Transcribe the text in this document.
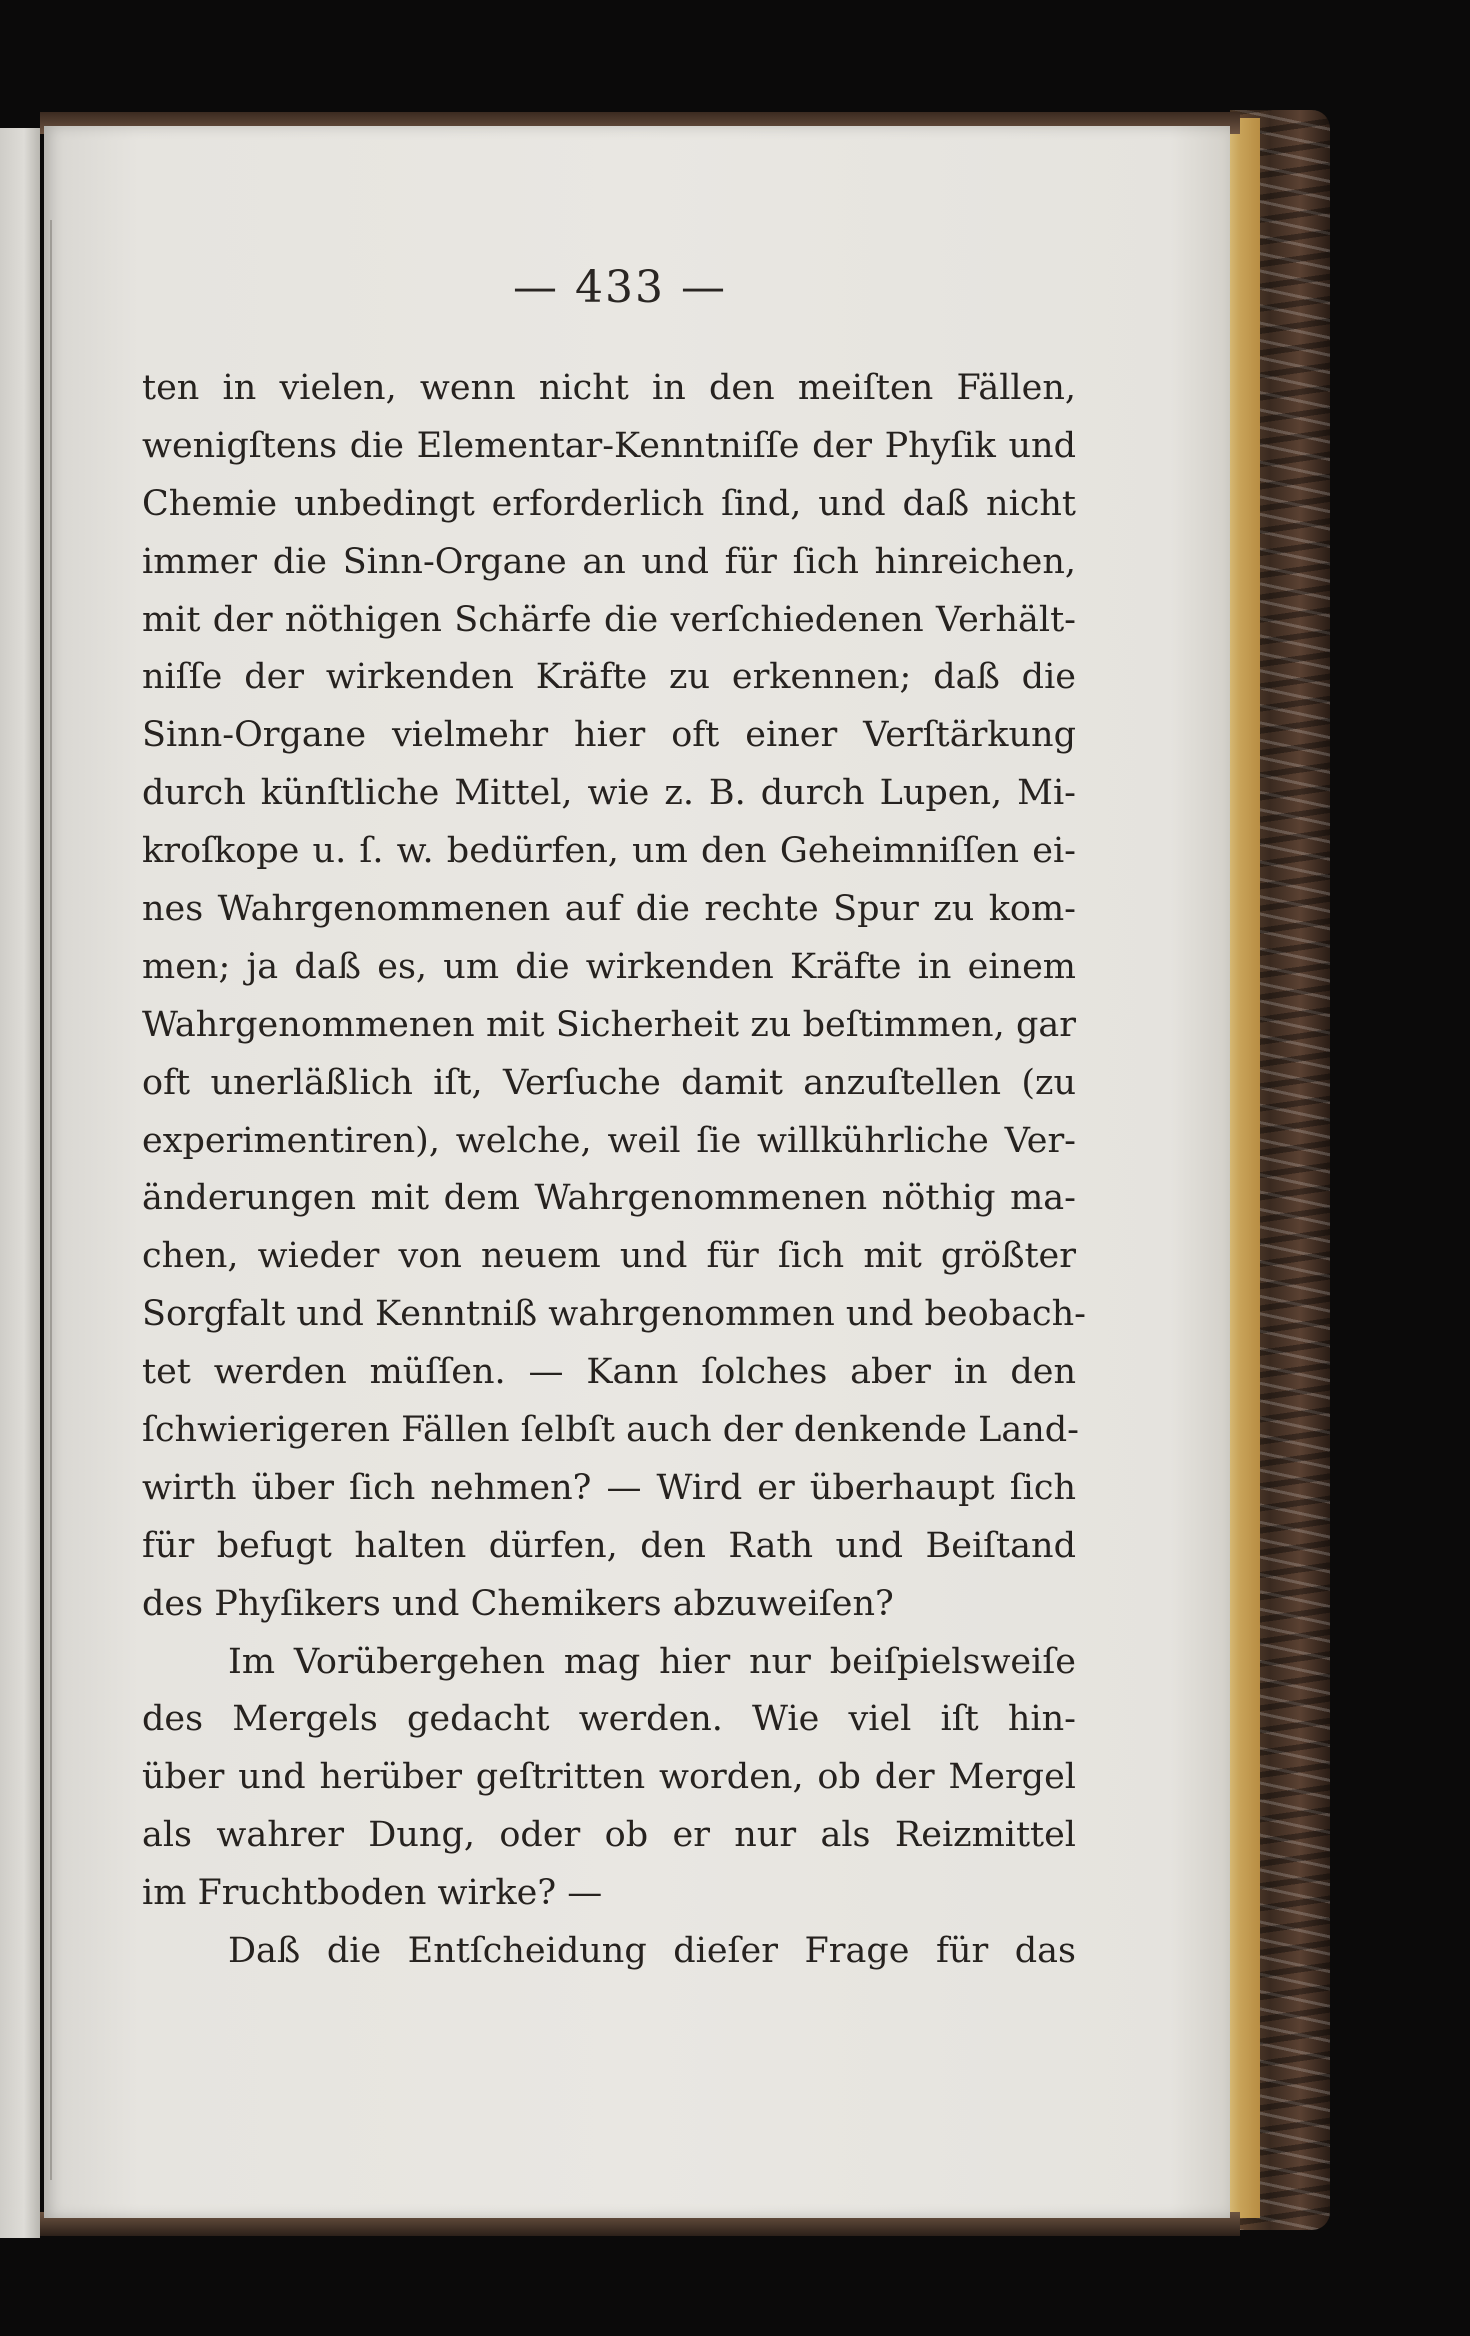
— 433 —

ten in vielen, wenn nicht in den meiſten Fällen,
wenigſtens die Elementar-Kenntniſſe der Phyſik und
Chemie unbedingt erforderlich ſind, und daß nicht
immer die Sinn-Organe an und für ſich hinreichen,
mit der nöthigen Schärfe die verſchiedenen Verhält-
niſſe der wirkenden Kräfte zu erkennen; daß die
Sinn-Organe vielmehr hier oft einer Verſtärkung
durch künſtliche Mittel, wie z. B. durch Lupen, Mi-
kroſkope u. ſ. w. bedürfen, um den Geheimniſſen ei-
nes Wahrgenommenen auf die rechte Spur zu kom-
men; ja daß es, um die wirkenden Kräfte in einem
Wahrgenommenen mit Sicherheit zu beſtimmen, gar
oft unerläßlich iſt, Verſuche damit anzuſtellen (zu
experimentiren), welche, weil ſie willkührliche Ver-
änderungen mit dem Wahrgenommenen nöthig ma-
chen, wieder von neuem und für ſich mit größter
Sorgfalt und Kenntniß wahrgenommen und beobach-
tet werden müſſen. — Kann ſolches aber in den
ſchwierigeren Fällen ſelbſt auch der denkende Land-
wirth über ſich nehmen? — Wird er überhaupt ſich
für befugt halten dürfen, den Rath und Beiſtand
des Phyſikers und Chemikers abzuweiſen?
Im Vorübergehen mag hier nur beiſpielsweiſe
des Mergels gedacht werden. Wie viel iſt hin-
über und herüber geſtritten worden, ob der Mergel
als wahrer Dung, oder ob er nur als Reizmittel
im Fruchtboden wirke? —
Daß die Entſcheidung dieſer Frage für das
